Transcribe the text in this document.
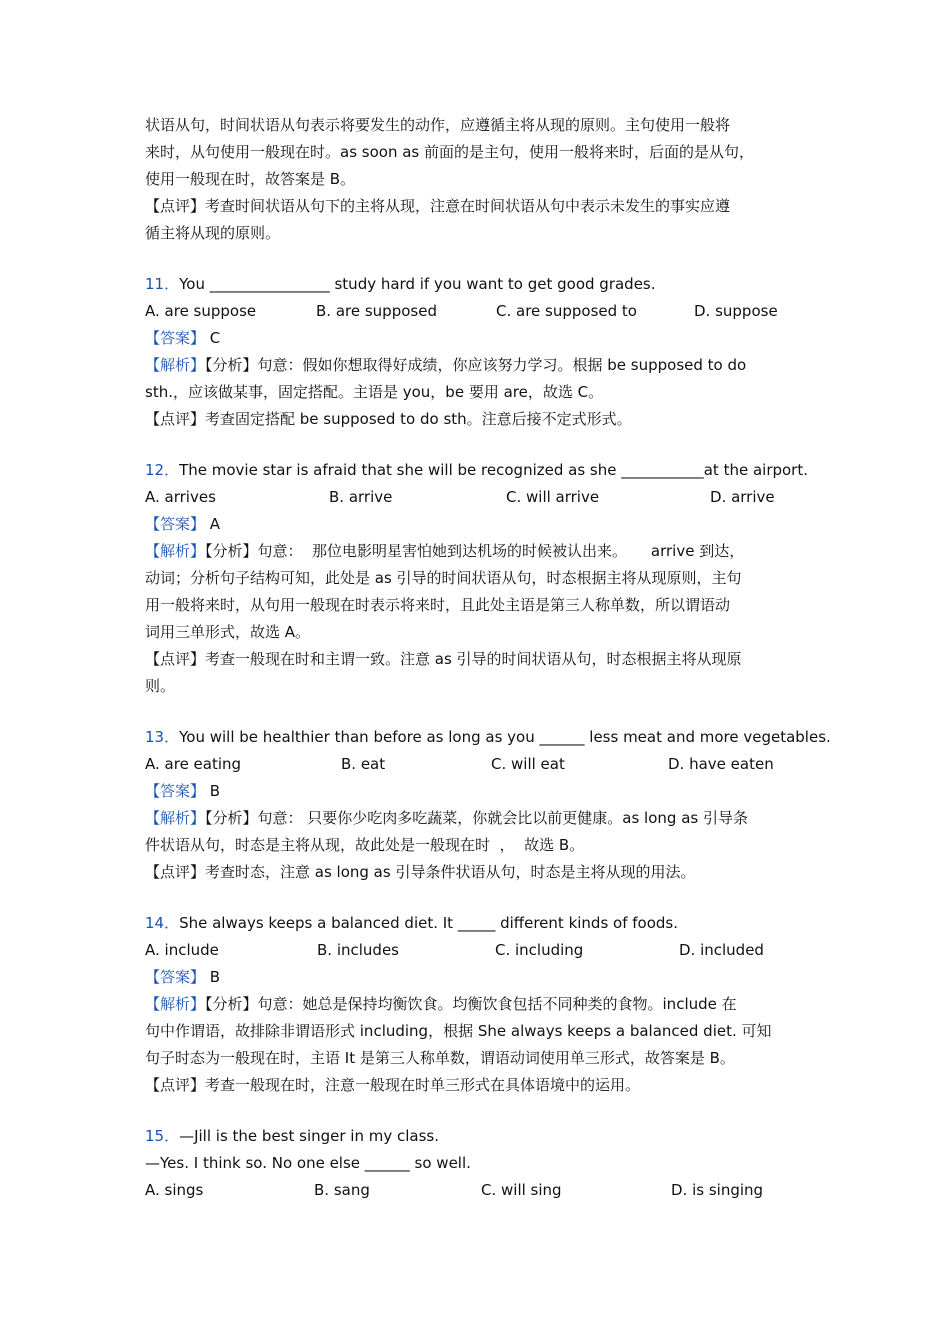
状语从句，时间状语从句表示将要发生的动作，应遵循主将从现的原则。主句使用一般将
来时，从句使用一般现在时。as soon as 前面的是主句，使用一般将来时，后面的是从句，
使用一般现在时，故答案是 B。
【点评】考查时间状语从句下的主将从现，注意在时间状语从句中表示未发生的事实应遵
循主将从现的原则。
11．You ________________ study hard if you want to get good grades.
A. are suppose	B. are supposed	C. are supposed to	D. suppose
【答案】 C
【解析】【分析】句意：假如你想取得好成绩，你应该努力学习。根据 be supposed to do
sth.，应该做某事，固定搭配。主语是 you，be 要用 are，故选 C。
【点评】考查固定搭配 be supposed to do sth。注意后接不定式形式。
12．The movie star is afraid that she will be recognized as she ___________at the airport.
A. arrives	B. arrive	C. will arrive	D. arrive
【答案】 A
【解析】【分析】句意：  那位电影明星害怕她到达机场的时候被认出来。     arrive 到达，
动词；分析句子结构可知，此处是 as 引导的时间状语从句，时态根据主将从现原则，主句
用一般将来时，从句用一般现在时表示将来时，且此处主语是第三人称单数，所以谓语动
词用三单形式，故选 A。
【点评】考查一般现在时和主谓一致。注意 as 引导的时间状语从句，时态根据主将从现原
则。
13．You will be healthier than before as long as you ______ less meat and more vegetables.
A. are eating	B. eat	C. will eat	D. have eaten
【答案】 B
【解析】【分析】句意： 只要你少吃肉多吃蔬菜，你就会比以前更健康。as long as 引导条
件状语从句，时态是主将从现，故此处是一般现在时  ，  故选 B。
【点评】考查时态，注意 as long as 引导条件状语从句，时态是主将从现的用法。
14．She always keeps a balanced diet. It _____ different kinds of foods.
A. include	B. includes	C. including	D. included
【答案】 B
【解析】【分析】句意：她总是保持均衡饮食。均衡饮食包括不同种类的食物。include 在
句中作谓语，故排除非谓语形式 including，根据 She always keeps a balanced diet. 可知
句子时态为一般现在时，主语 It 是第三人称单数，谓语动词使用单三形式，故答案是 B。
【点评】考查一般现在时，注意一般现在时单三形式在具体语境中的运用。
15．—Jill is the best singer in my class.
—Yes. I think so. No one else ______ so well.
A. sings	B. sang	C. will sing	D. is singing
